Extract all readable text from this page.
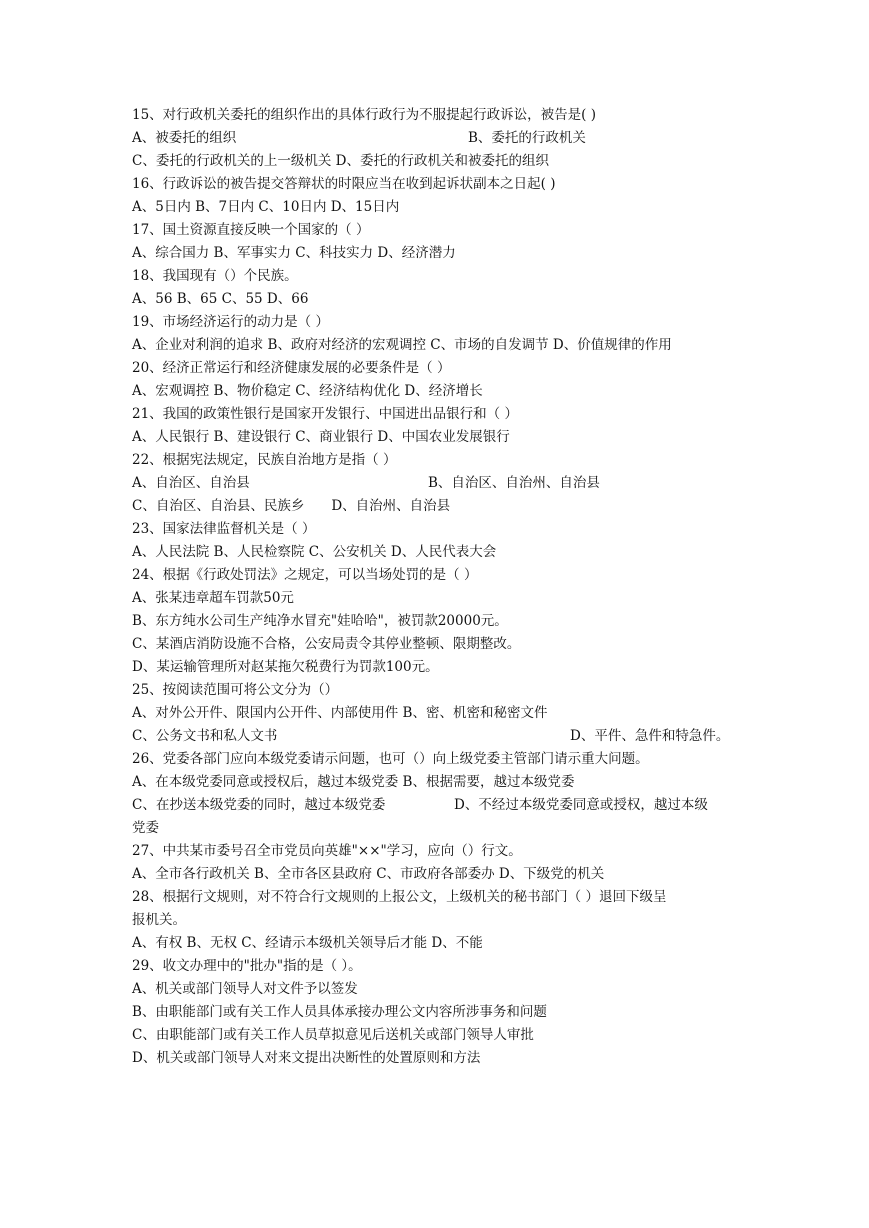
15、对行政机关委托的组织作出的具体行政行为不服提起行政诉讼，被告是( )
A、被委托的组织	B、委托的行政机关
C、委托的行政机关的上一级机关 D、委托的行政机关和被委托的组织
16、行政诉讼的被告提交答辩状的时限应当在收到起诉状副本之日起( )
A、5日内 B、7日内 C、10日内 D、15日内
17、国土资源直接反映一个国家的（ ）
A、综合国力 B、军事实力 C、科技实力 D、经济潜力
18、我国现有（）个民族。
A、56 B、65 C、55 D、66
19、市场经济运行的动力是（ ）
A、企业对利润的追求 B、政府对经济的宏观调控 C、市场的自发调节 D、价值规律的作用
20、经济正常运行和经济健康发展的必要条件是（ ）
A、宏观调控 B、物价稳定 C、经济结构优化 D、经济增长
21、我国的政策性银行是国家开发银行、中国进出品银行和（ ）
A、人民银行 B、建设银行 C、商业银行 D、中国农业发展银行
22、根据宪法规定，民族自治地方是指（ ）
A、自治区、自治县	B、自治区、自治州、自治县
C、自治区、自治县、民族乡　　D、自治州、自治县
23、国家法律监督机关是（ ）
A、人民法院 B、人民检察院 C、公安机关 D、人民代表大会
24、根据《行政处罚法》之规定，可以当场处罚的是（ ）
A、张某违章超车罚款50元
B、东方纯水公司生产纯净水冒充"娃哈哈"，被罚款20000元。
C、某酒店消防设施不合格，公安局责令其停业整顿、限期整改。
D、某运输管理所对赵某拖欠税费行为罚款100元。
25、按阅读范围可将公文分为（）
A、对外公开件、限国内公开件、内部使用件 B、密、机密和秘密文件
C、公务文书和私人文书	D、平件、急件和特急件。
26、党委各部门应向本级党委请示问题，也可（）向上级党委主管部门请示重大问题。
A、在本级党委同意或授权后，越过本级党委 B、根据需要，越过本级党委
C、在抄送本级党委的同时，越过本级党委	D、不经过本级党委同意或授权，越过本级
党委
27、中共某市委号召全市党员向英雄"××"学习，应向（）行文。
A、全市各行政机关 B、全市各区县政府 C、市政府各部委办 D、下级党的机关
28、根据行文规则，对不符合行文规则的上报公文，上级机关的秘书部门（ ）退回下级呈
报机关。
A、有权 B、无权 C、经请示本级机关领导后才能 D、不能
29、收文办理中的"批办"指的是（ ）。
A、机关或部门领导人对文件予以签发
B、由职能部门或有关工作人员具体承接办理公文内容所涉事务和问题
C、由职能部门或有关工作人员草拟意见后送机关或部门领导人审批
D、机关或部门领导人对来文提出决断性的处置原则和方法
